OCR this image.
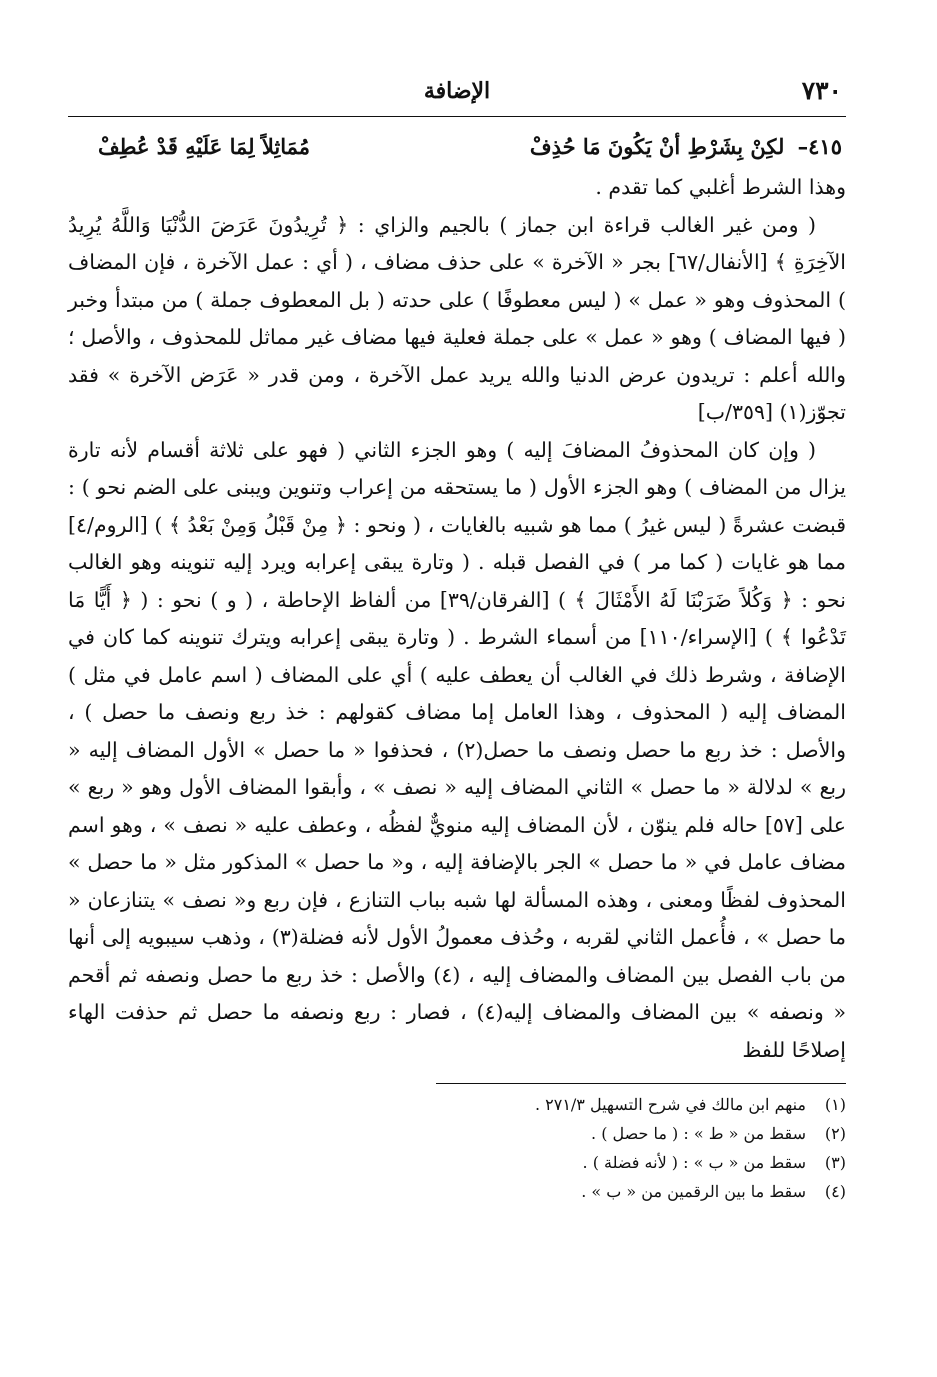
٧٣٠
الإضافة
٤١٥– لكِنْ بِشَرْطِ أنْ يَكُونَ مَا حُذِفْ
مُمَاثِلاً لِمَا عَلَيْهِ قَدْ عُطِفْ

وهذا الشرط أغلبي كما تقدم .

( ومن غير الغالب قراءة ابن جماز ) بالجيم والزاي : ﴿ تُرِيدُونَ عَرَضَ الدُّنْيَا وَاللَّهُ يُرِيدُ الآخِرَةِ ﴾ [الأنفال/٦٧] بجر « الآخرة » على حذف مضاف ، ( أي : عمل الآخرة ، فإن المضاف ) المحذوف وهو « عمل » ( ليس معطوفًا ) على حدته ( بل المعطوف جملة ) من مبتدأ وخبر ( فيها المضاف ) وهو « عمل » على جملة فعلية فيها مضاف غير مماثل للمحذوف ، والأصل ؛ والله أعلم : تريدون عرض الدنيا والله يريد عمل الآخرة ، ومن قدر « عَرَض الآخرة » فقد تجوّز(١) [٣٥٩/ب]

( وإن كان المحذوفُ المضافَ إليه ) وهو الجزء الثاني ( فهو على ثلاثة أقسام لأنه تارة يزال من المضاف ) وهو الجزء الأول ( ما يستحقه من إعراب وتنوين ويبنى على الضم نحو ) : قبضت عشرةً ( ليس غيرُ ) مما هو شبيه بالغايات ، ( ونحو : ﴿ مِنْ قَبْلُ وَمِنْ بَعْدُ ﴾ ) [الروم/٤] مما هو غايات ( كما مر ) في الفصل قبله . ( وتارة يبقى إعرابه ويرد إليه تنوينه وهو الغالب نحو : ﴿ وَكُلاً ضَرَبْنَا لَهُ الأَمْثَالَ ﴾ ) [الفرقان/٣٩] من ألفاظ الإحاطة ، ( و ) نحو : ( ﴿ أَيًّا مَا تَدْعُوا ﴾ ) [الإسراء/١١٠] من أسماء الشرط . ( وتارة يبقى إعرابه ويترك تنوينه كما كان في الإضافة ، وشرط ذلك في الغالب أن يعطف عليه ) أي على المضاف ( اسم عامل في مثل ) المضاف إليه ( المحذوف ، وهذا العامل إما مضاف كقولهم : خذ ربع ونصف ما حصل ) ، والأصل : خذ ربع ما حصل ونصف ما حصل(٢) ، فحذفوا « ما حصل » الأول المضاف إليه « ربع » لدلالة « ما حصل » الثاني المضاف إليه « نصف » ، وأبقوا المضاف الأول وهو « ربع » على [٥٧] حاله فلم ينوّن ، لأن المضاف إليه منويٌّ لفظُه ، وعطف عليه « نصف » ، وهو اسم مضاف عامل في « ما حصل » الجر بالإضافة إليه ، و« ما حصل » المذكور مثل « ما حصل » المحذوف لفظًا ومعنى ، وهذه المسألة لها شبه بباب التنازع ، فإن ربع و« نصف » يتنازعان « ما حصل » ، فأُعمل الثاني لقربه ، وحُذف معمولُ الأول لأنه فضلة(٣) ، وذهب سيبويه إلى أنها من باب الفصل بين المضاف والمضاف إليه ، (٤) والأصل : خذ ربع ما حصل ونصفه ثم أقحم « ونصفه » بين المضاف والمضاف إليه(٤) ، فصار : ربع ونصفه ما حصل ثم حذفت الهاء إصلاحًا للفظ

(١)
منهم ابن مالك في شرح التسهيل ٢٧١/٣ .
(٢)
سقط من « ط » : ( ما حصل ) .
(٣)
سقط من « ب » : ( لأنه فضلة ) .
(٤)
سقط ما بين الرقمين من « ب » .
